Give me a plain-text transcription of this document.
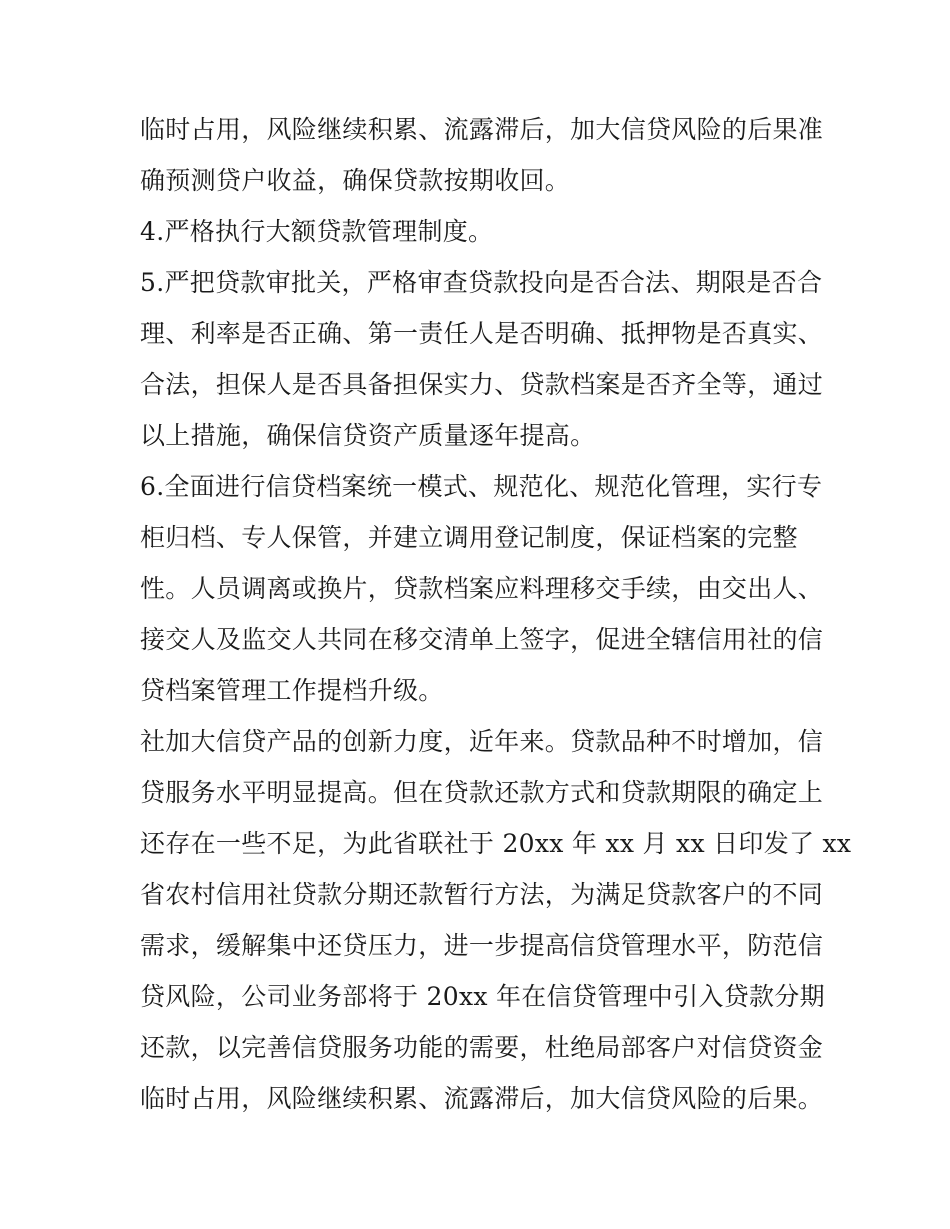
临时占用，风险继续积累、流露滞后，加大信贷风险的后果准
确预测贷户收益，确保贷款按期收回。
4.严格执行大额贷款管理制度。
5.严把贷款审批关，严格审查贷款投向是否合法、期限是否合
理、利率是否正确、第一责任人是否明确、抵押物是否真实、
合法，担保人是否具备担保实力、贷款档案是否齐全等，通过
以上措施，确保信贷资产质量逐年提高。
6.全面进行信贷档案统一模式、规范化、规范化管理，实行专
柜归档、专人保管，并建立调用登记制度，保证档案的完整
性。人员调离或换片，贷款档案应料理移交手续，由交出人、
接交人及监交人共同在移交清单上签字，促进全辖信用社的信
贷档案管理工作提档升级。
社加大信贷产品的创新力度，近年来。贷款品种不时增加，信
贷服务水平明显提高。但在贷款还款方式和贷款期限的确定上
还存在一些不足，为此省联社于 20xx 年 xx 月 xx 日印发了 xx
省农村信用社贷款分期还款暂行方法，为满足贷款客户的不同
需求，缓解集中还贷压力，进一步提高信贷管理水平，防范信
贷风险，公司业务部将于 20xx 年在信贷管理中引入贷款分期
还款，以完善信贷服务功能的需要，杜绝局部客户对信贷资金
临时占用，风险继续积累、流露滞后，加大信贷风险的后果。
